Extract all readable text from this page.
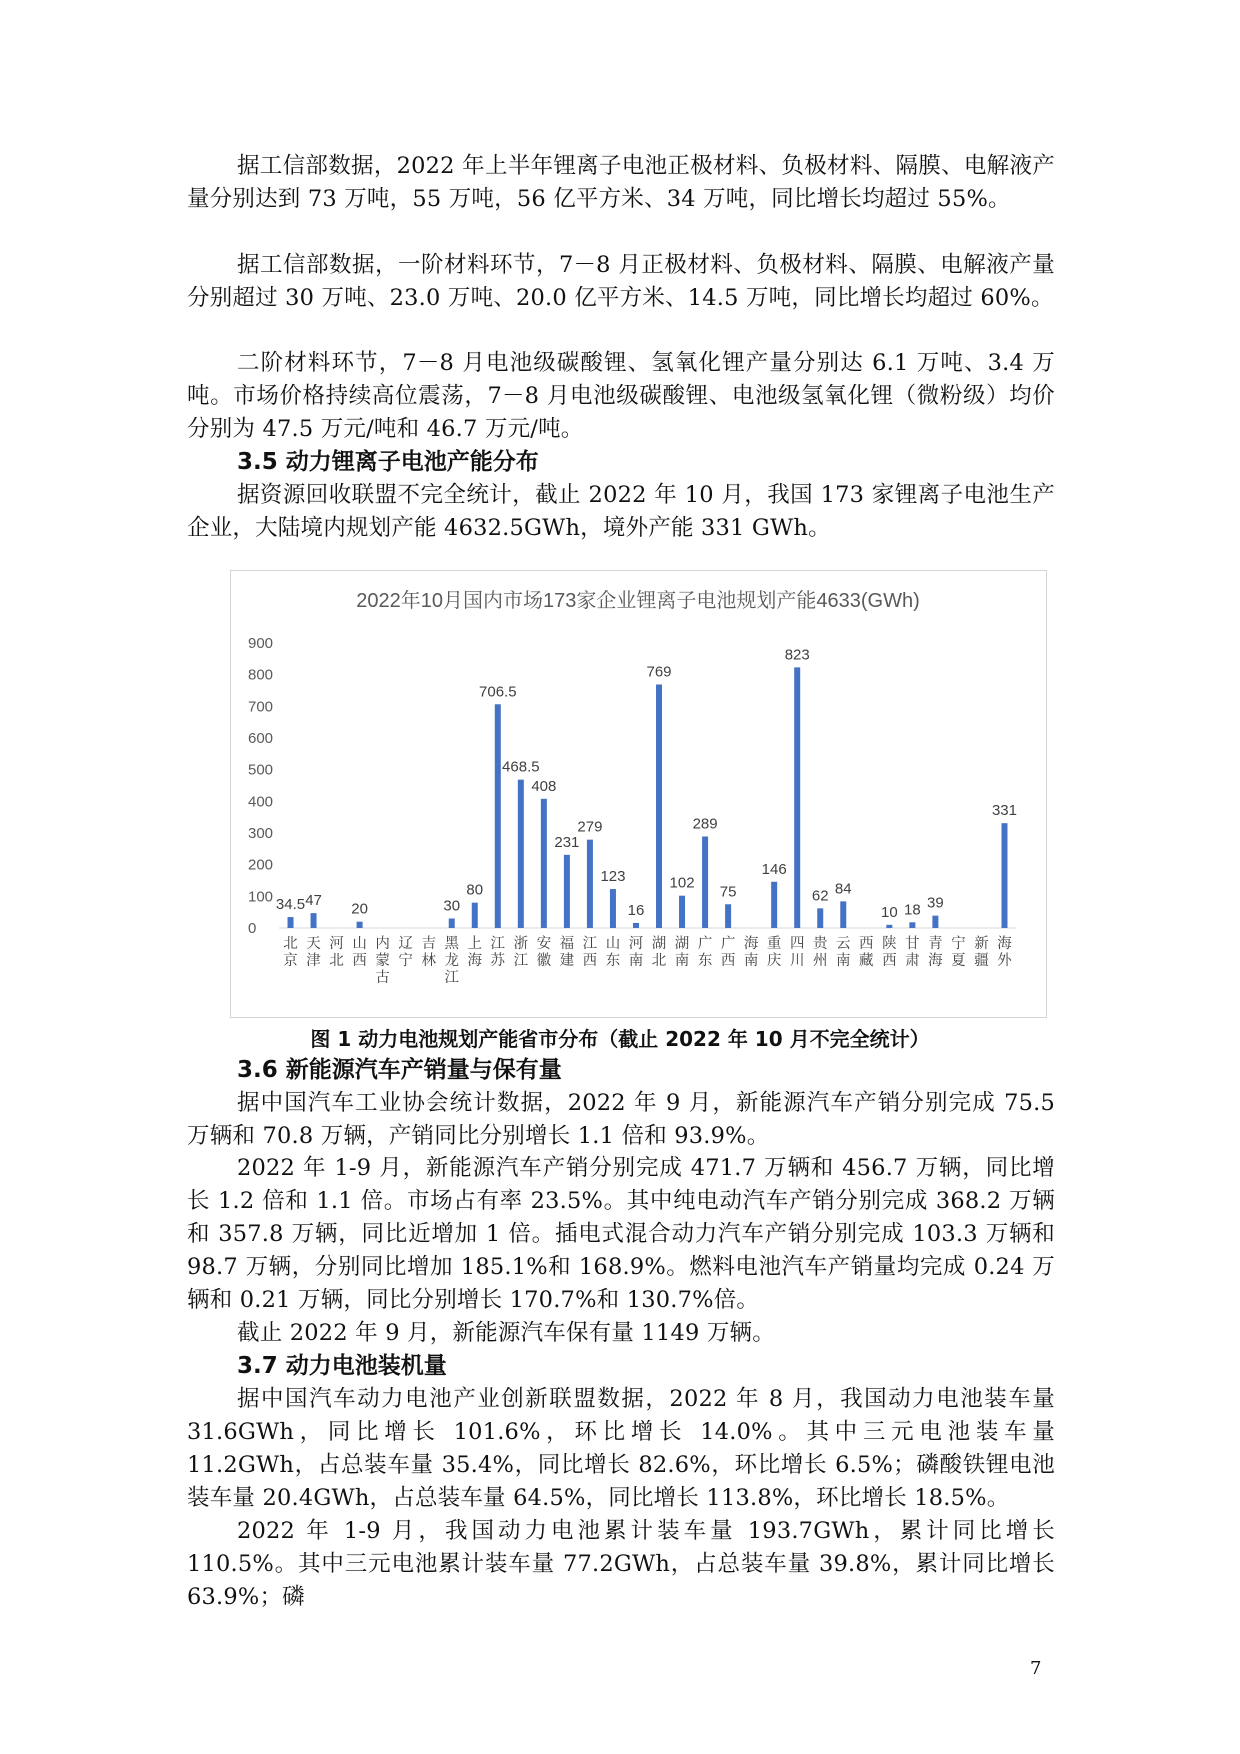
据工信部数据，2022 年上半年锂离子电池正极材料、负极材料、隔膜、电解液产量分别达到 73 万吨，55 万吨，56 亿平方米、34 万吨，同比增长均超过 55%。

据工信部数据，一阶材料环节，7－8 月正极材料、负极材料、隔膜、电解液产量分别超过 30 万吨、23.0 万吨、20.0 亿平方米、14.5 万吨，同比增长均超过 60%。

二阶材料环节，7－8 月电池级碳酸锂、氢氧化锂产量分别达 6.1 万吨、3.4 万吨。市场价格持续高位震荡，7－8 月电池级碳酸锂、电池级氢氧化锂（微粉级）均价分别为 47.5 万元/吨和 46.7 万元/吨。

3.5 动力锂离子电池产能分布

据资源回收联盟不完全统计，截止 2022 年 10 月，我国 173 家锂离子电池生产企业，大陆境内规划产能 4632.5GWh，境外产能 331 GWh。

2022年10月国内市场173家企业锂离子电池规划产能4633(GWh)
0
100
200
300
400
500
600
700
800
900
34.5 47
20	30
80
706.5
468.5
408
231
279
123
16
769
102
289
75
146
823
62 84
10 18 39
331
北京
天津
河北
山西
内蒙古
辽宁
吉林
黑龙江
上海
江苏
浙江
安徽
福建
江西
山东
河南
湖北
湖南
广东
广西
海南
重庆
四川
贵州
云南
西藏
陕西
甘肃
青海
宁夏
新疆
海外

图 1 动力电池规划产能省市分布（截止 2022 年 10 月不完全统计）

3.6 新能源汽车产销量与保有量

据中国汽车工业协会统计数据，2022 年 9 月，新能源汽车产销分别完成 75.5 万辆和 70.8 万辆，产销同比分别增长 1.1 倍和 93.9%。

2022 年 1-9 月，新能源汽车产销分别完成 471.7 万辆和 456.7 万辆，同比增长 1.2 倍和 1.1 倍。市场占有率 23.5%。其中纯电动汽车产销分别完成 368.2 万辆和 357.8 万辆，同比近增加 1 倍。插电式混合动力汽车产销分别完成 103.3 万辆和 98.7 万辆，分别同比增加 185.1%和 168.9%。燃料电池汽车产销量均完成 0.24 万辆和 0.21 万辆，同比分别增长 170.7%和 130.7%倍。

截止 2022 年 9 月，新能源汽车保有量 1149 万辆。

3.7 动力电池装机量

据中国汽车动力电池产业创新联盟数据，2022 年 8 月，我国动力电池装车量 31.6GWh，同比增长 101.6%，环比增长 14.0%。其中三元电池装车量 11.2GWh，占总装车量 35.4%，同比增长 82.6%，环比增长 6.5%；磷酸铁锂电池装车量 20.4GWh，占总装车量 64.5%，同比增长 113.8%，环比增长 18.5%。

2022 年 1-9 月，我国动力电池累计装车量 193.7GWh，累计同比增长 110.5%。其中三元电池累计装车量 77.2GWh，占总装车量 39.8%，累计同比增长 63.9%；磷

7
